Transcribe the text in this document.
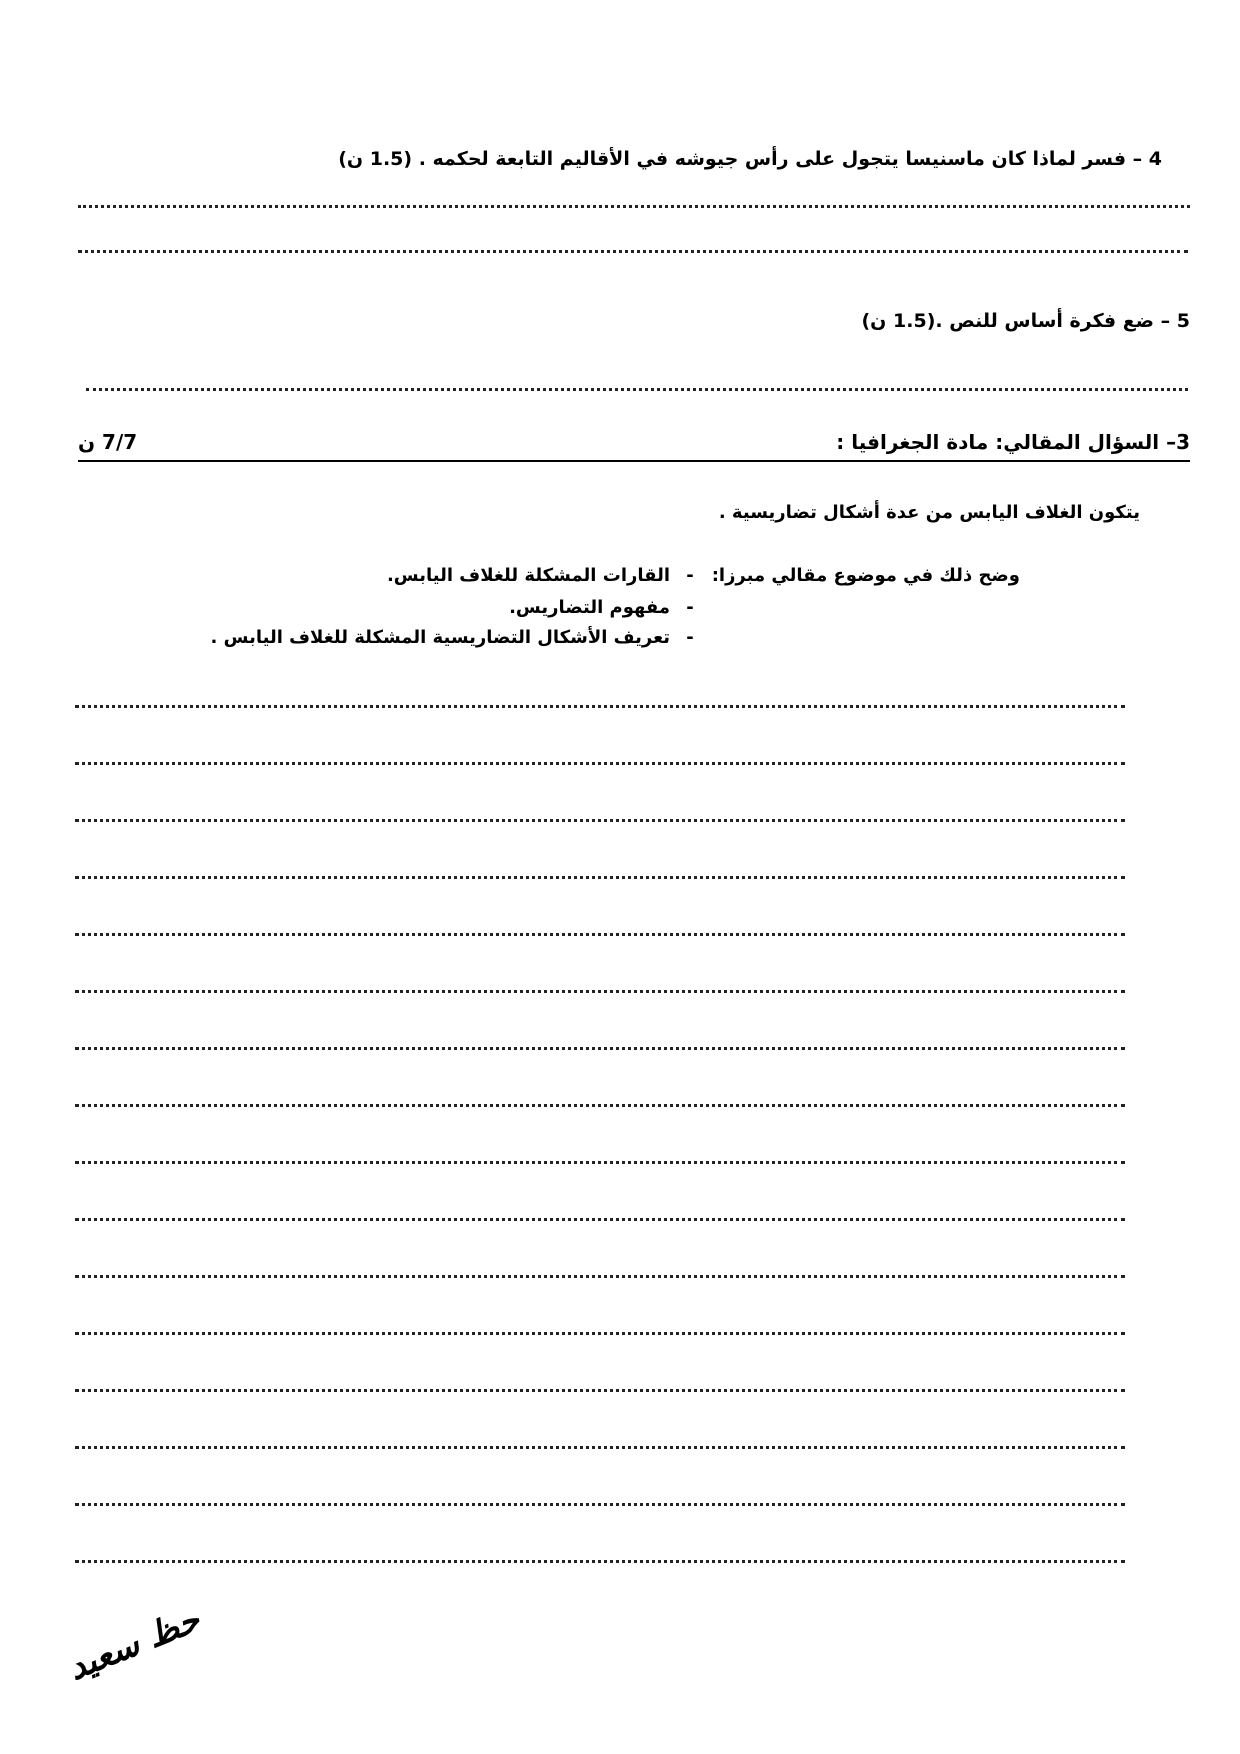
4 – فسر لماذا كان ماسنيسا يتجول على رأس جيوشه في الأقاليم التابعة لحكمه . (1.5 ن)
5 – ضع فكرة أساس للنص .(1.5 ن)
3– السؤال المقالي: مادة الجغرافيا :
7/7 ن
يتكون الغلاف اليابس من عدة أشكال تضاريسية .
وضح ذلك في موضوع مقالي مبرزا:
-القارات المشكلة للغلاف اليابس.
-مفهوم التضاريس.
-تعريف الأشكال التضاريسية المشكلة للغلاف اليابس .
حظ سعيد
